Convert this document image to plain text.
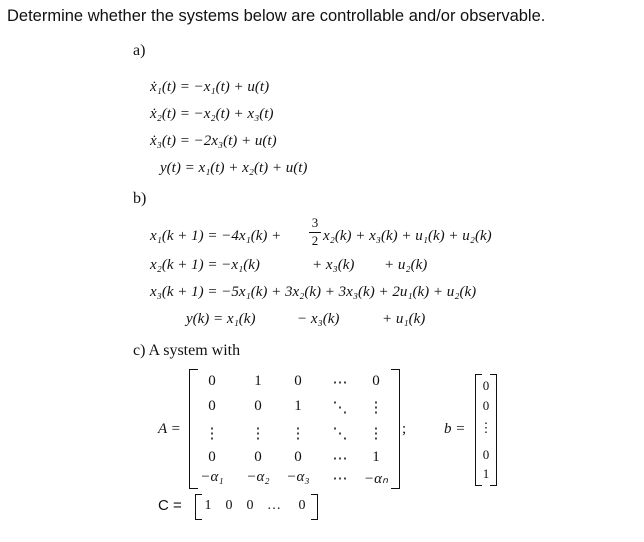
Determine whether the systems below are controllable and/or observable.
a)
ẋ₁(t) = −x₁(t) + u(t)
ẋ₂(t) = −x₂(t) + x₃(t)
ẋ₃(t) = −2x₃(t) + u(t)
y(t) = x₁(t) + x₂(t) + u(t)
b)
x₁(k + 1) = −4x₁(k) +
3
2 x₂(k) + x₃(k) + u₁(k) + u₂(k)
x₂(k + 1) = −x₁(k)	+ x₃(k) + u₂(k)
x₃(k + 1) = −5x₁(k) + 3x₂(k) + 3x₃(k) + 2u₁(k) + u₂(k)
y(k) = x₁(k)	− x₃(k)	+ u₁(k)
c) A system with
A =
0	1	0	⋯	0
0	0	1	⋱	⋮
⋮	⋮	⋮	⋱	⋮
0	0	0	⋯	1
−α₁	−α₂	−α₃	⋯	−αₙ
;	b =
0
0
⋮
0
1
C = 1 0 0 … 0
